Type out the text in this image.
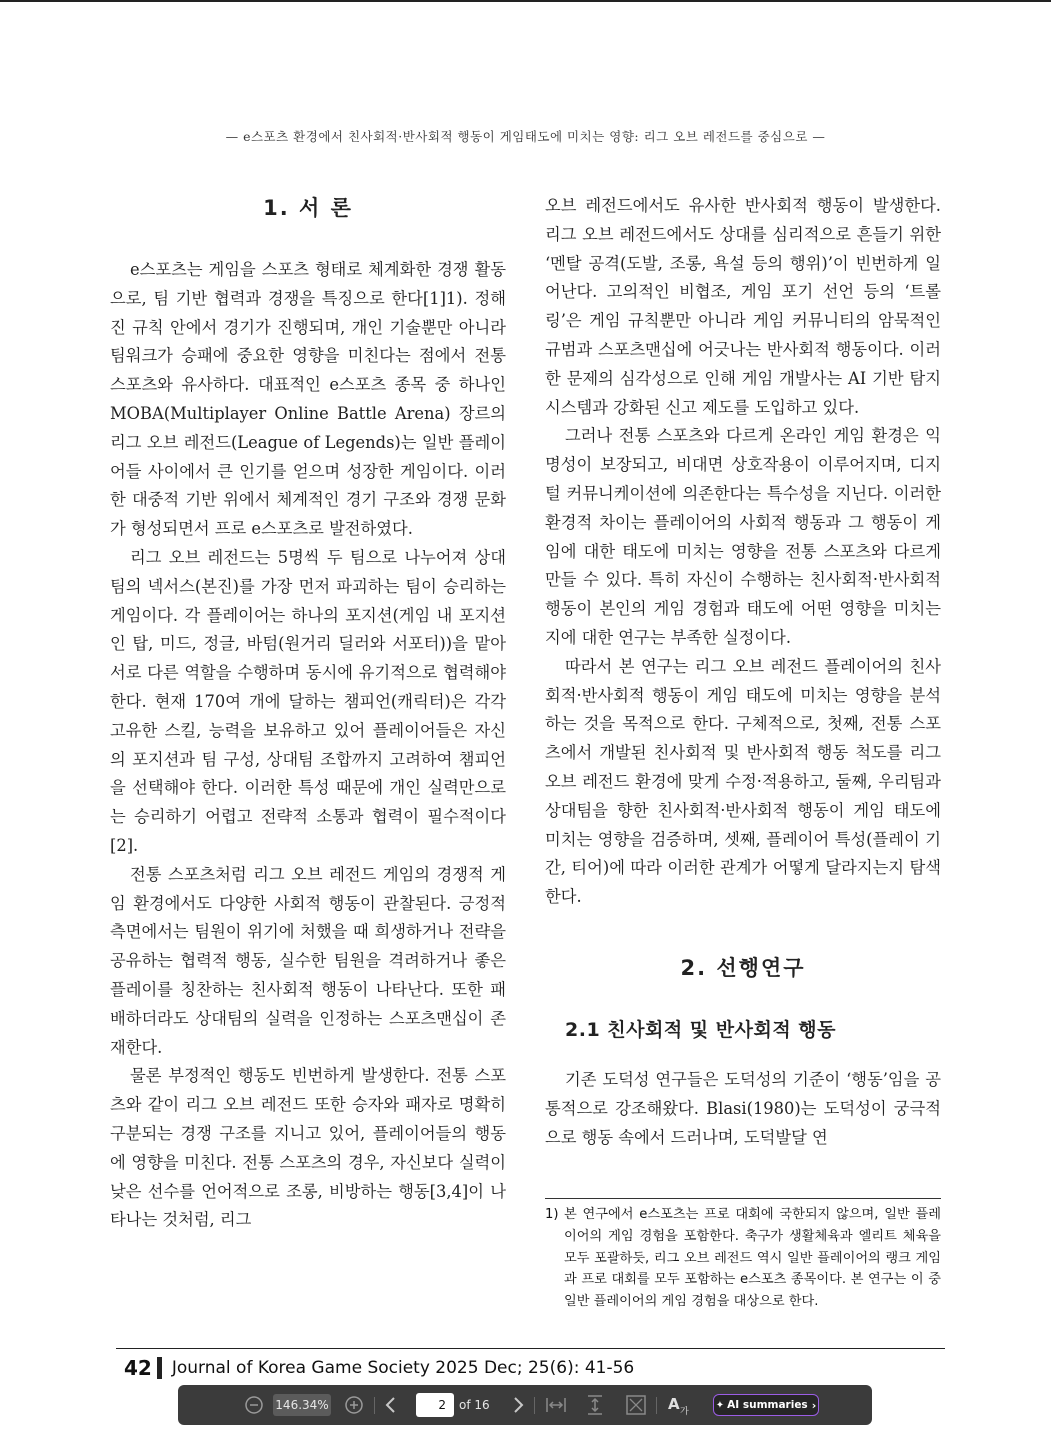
— e스포츠 환경에서 친사회적·반사회적 행동이 게임태도에 미치는 영향: 리그 오브 레전드를 중심으로 —
1. 서 론

e스포츠는 게임을 스포츠 형태로 체계화한 경쟁 활동으로, 팀 기반 협력과 경쟁을 특징으로 한다[1]1). 정해진 규칙 안에서 경기가 진행되며, 개인 기술뿐만 아니라 팀워크가 승패에 중요한 영향을 미친다는 점에서 전통 스포츠와 유사하다. 대표적인 e스포츠 종목 중 하나인 MOBA(Multiplayer Online Battle Arena) 장르의 리그 오브 레전드(League of Legends)는 일반 플레이어들 사이에서 큰 인기를 얻으며 성장한 게임이다. 이러한 대중적 기반 위에서 체계적인 경기 구조와 경쟁 문화가 형성되면서 프로 e스포츠로 발전하였다.

리그 오브 레전드는 5명씩 두 팀으로 나누어져 상대팀의 넥서스(본진)를 가장 먼저 파괴하는 팀이 승리하는 게임이다. 각 플레이어는 하나의 포지션(게임 내 포지션인 탑, 미드, 정글, 바텀(원거리 딜러와 서포터))을 맡아 서로 다른 역할을 수행하며 동시에 유기적으로 협력해야 한다. 현재 170여 개에 달하는 챔피언(캐릭터)은 각각 고유한 스킬, 능력을 보유하고 있어 플레이어들은 자신의 포지션과 팀 구성, 상대팀 조합까지 고려하여 챔피언을 선택해야 한다. 이러한 특성 때문에 개인 실력만으로는 승리하기 어렵고 전략적 소통과 협력이 필수적이다 [2].

전통 스포츠처럼 리그 오브 레전드 게임의 경쟁적 게임 환경에서도 다양한 사회적 행동이 관찰된다. 긍정적 측면에서는 팀원이 위기에 처했을 때 희생하거나 전략을 공유하는 협력적 행동, 실수한 팀원을 격려하거나 좋은 플레이를 칭찬하는 친사회적 행동이 나타난다. 또한 패배하더라도 상대팀의 실력을 인정하는 스포츠맨십이 존재한다.

물론 부정적인 행동도 빈번하게 발생한다. 전통 스포츠와 같이 리그 오브 레전드 또한 승자와 패자로 명확히 구분되는 경쟁 구조를 지니고 있어, 플레이어들의 행동에 영향을 미친다. 전통 스포츠의 경우, 자신보다 실력이 낮은 선수를 언어적으로 조롱, 비방하는 행동[3,4]이 나타나는 것처럼, 리그

오브 레전드에서도 유사한 반사회적 행동이 발생한다. 리그 오브 레전드에서도 상대를 심리적으로 흔들기 위한 ‘멘탈 공격(도발, 조롱, 욕설 등의 행위)’이 빈번하게 일어난다. 고의적인 비협조, 게임 포기 선언 등의 ‘트롤링’은 게임 규칙뿐만 아니라 게임 커뮤니티의 암묵적인 규범과 스포츠맨십에 어긋나는 반사회적 행동이다. 이러한 문제의 심각성으로 인해 게임 개발사는 AI 기반 탐지 시스템과 강화된 신고 제도를 도입하고 있다.

그러나 전통 스포츠와 다르게 온라인 게임 환경은 익명성이 보장되고, 비대면 상호작용이 이루어지며, 디지털 커뮤니케이션에 의존한다는 특수성을 지닌다. 이러한 환경적 차이는 플레이어의 사회적 행동과 그 행동이 게임에 대한 태도에 미치는 영향을 전통 스포츠와 다르게 만들 수 있다. 특히 자신이 수행하는 친사회적·반사회적 행동이 본인의 게임 경험과 태도에 어떤 영향을 미치는지에 대한 연구는 부족한 실정이다.

따라서 본 연구는 리그 오브 레전드 플레이어의 친사회적·반사회적 행동이 게임 태도에 미치는 영향을 분석하는 것을 목적으로 한다. 구체적으로, 첫째, 전통 스포츠에서 개발된 친사회적 및 반사회적 행동 척도를 리그 오브 레전드 환경에 맞게 수정·적용하고, 둘째, 우리팀과 상대팀을 향한 친사회적·반사회적 행동이 게임 태도에 미치는 영향을 검증하며, 셋째, 플레이어 특성(플레이 기간, 티어)에 따라 이러한 관계가 어떻게 달라지는지 탐색한다.

2. 선행연구
2.1 친사회적 및 반사회적 행동

기존 도덕성 연구들은 도덕성의 기준이 ‘행동’임을 공통적으로 강조해왔다. Blasi(1980)는 도덕성이 궁극적으로 행동 속에서 드러나며, 도덕발달 연

1) 본 연구에서 e스포츠는 프로 대회에 국한되지 않으며, 일반 플레이어의 게임 경험을 포함한다. 축구가 생활체육과 엘리트 체육을 모두 포괄하듯, 리그 오브 레전드 역시 일반 플레이어의 랭크 게임과 프로 대회를 모두 포함하는 e스포츠 종목이다. 본 연구는 이 중 일반 플레이어의 게임 경험을 대상으로 한다.
42 Journal of Korea Game Society 2025 Dec; 25(6): 41-56
146.34%	2	of 16	A 가
✦ AI summaries ›
